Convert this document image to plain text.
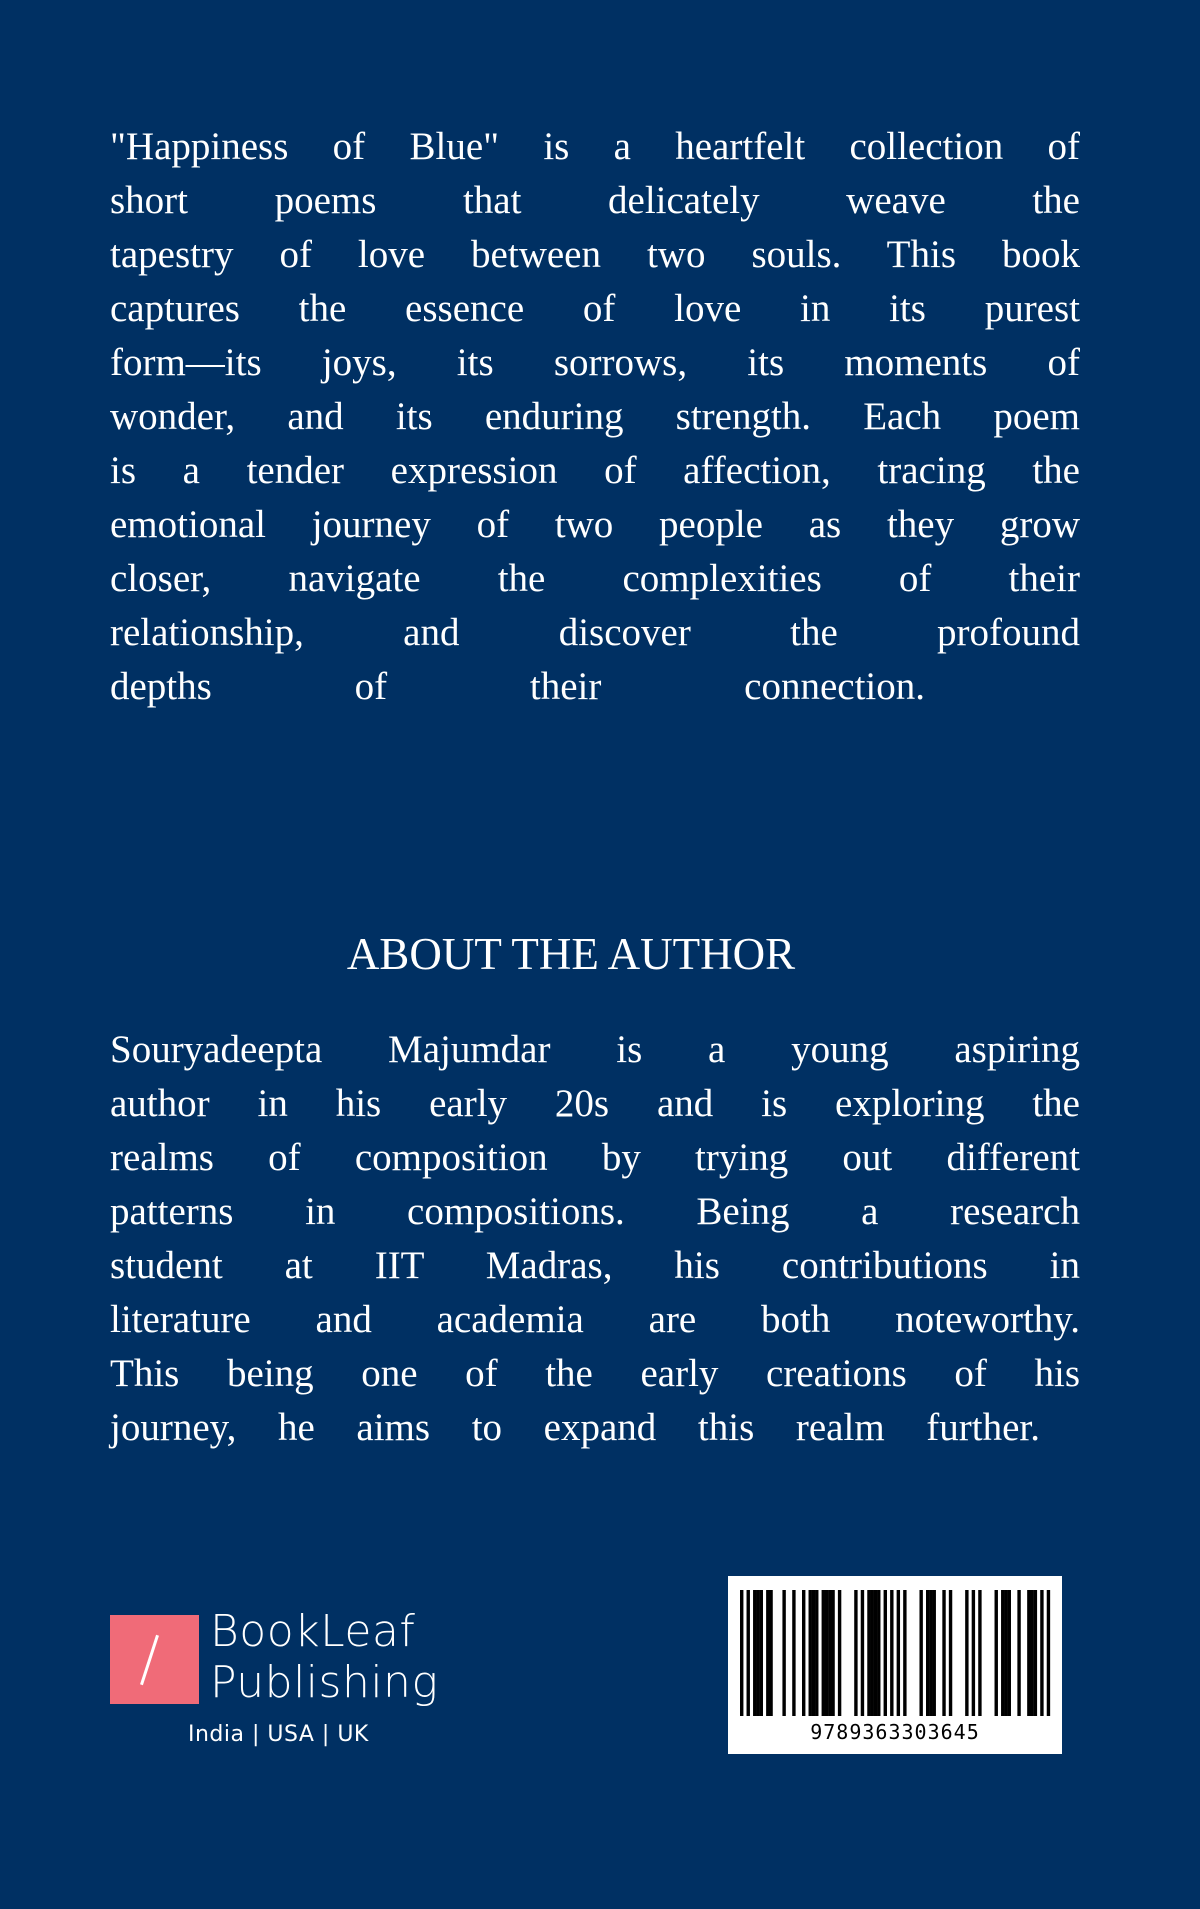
"Happiness of Blue" is a heartfelt collection of
short poems that delicately weave the
tapestry of love between two souls. This book
captures the essence of love in its purest
form—its joys, its sorrows, its moments of
wonder, and its enduring strength. Each poem
is a tender expression of affection, tracing the
emotional journey of two people as they grow
closer, navigate the complexities of their
relationship, and discover the profound
depths of their connection.
ABOUT THE AUTHOR
Souryadeepta Majumdar is a young aspiring
author in his early 20s and is exploring the
realms of composition by trying out different
patterns in compositions. Being a research
student at IIT Madras, his contributions in
literature and academia are both noteworthy.
This being one of the early creations of his
journey, he aims to expand this realm further.
BookLeaf
Publishing
India | USA | UK	9789363303645
